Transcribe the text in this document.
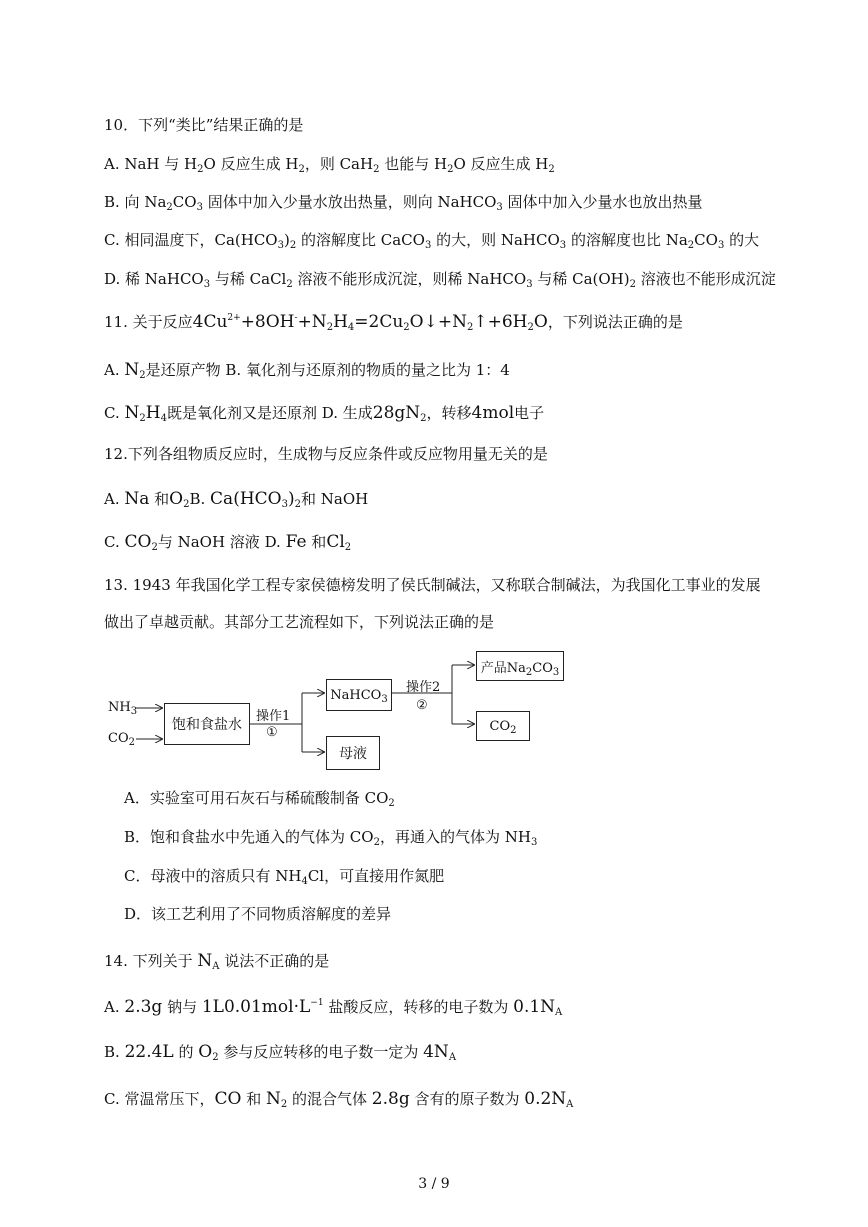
10．下列“类比”结果正确的是
A. NaH 与 $H_2O$ 反应生成 $H_2$，则 CaH$_2$ 也能与 $H_2O$ 反应生成 $H_2$
B. 向 $Na_2CO_3$ 固体中加入少量水放出热量，则向 NaHCO$_3$ 固体中加入少量水也放出热量
C. 相同温度下，$Ca(HCO_3)_2$ 的溶解度比 CaCO$_3$ 的大，则 NaHCO$_3$ 的溶解度也比 $Na_2CO_3$ 的大
D. 稀 NaHCO$_3$ 与稀 CaCl$_2$ 溶液不能形成沉淀，则稀 NaHCO$_3$ 与稀 $Ca(OH)_2$ 溶液也不能形成沉淀
11. 关于反应$4Cu^{2+}+8OH^-+N_2H_4=2Cu_2O↓+N_2↑+6H_2O$，下列说法正确的是
A. $N_2$是还原产物 B. 氧化剂与还原剂的物质的量之比为 1：4
C. $N_2H_4$既是氧化剂又是还原剂 D. 生成$28gN_2$，转移4mol电子
12.下列各组物质反应时，生成物与反应条件或反应物用量无关的是
A. Na 和$O_2B$. $Ca(HCO_3)_2$和 NaOH
C. $CO_2$与 NaOH 溶液 D. Fe 和$Cl_2$
13. 1943 年我国化学工程专家侯德榜发明了侯氏制碱法，又称联合制碱法，为我国化工事业的发展
做出了卓越贡献。其部分工艺流程如下，下列说法正确的是
$NH_3$
$CO_2$
饱和食盐水
操作1
①
NaHCO$_3$
母液
操作2
②
产品$Na_2CO_3$
$CO_2$
A．实验室可用石灰石与稀硫酸制备 $CO_2$
B．饱和食盐水中先通入的气体为 $CO_2$，再通入的气体为 $NH_3$
C．母液中的溶质只有 $NH_4Cl$，可直接用作氮肥
D．该工艺利用了不同物质溶解度的差异
14. 下列关于 $N_A$ 说法不正确的是
A. 2.3g 钠与 $1L0.01mol\cdot L^{-1}$ 盐酸反应，转移的电子数为 $0.1N_A$
B. 22.4L 的 $O_2$ 参与反应转移的电子数一定为 $4N_A$
C. 常温常压下，CO 和 $N_2$ 的混合气体 2.8g 含有的原子数为 $0.2N_A$
3 / 9
